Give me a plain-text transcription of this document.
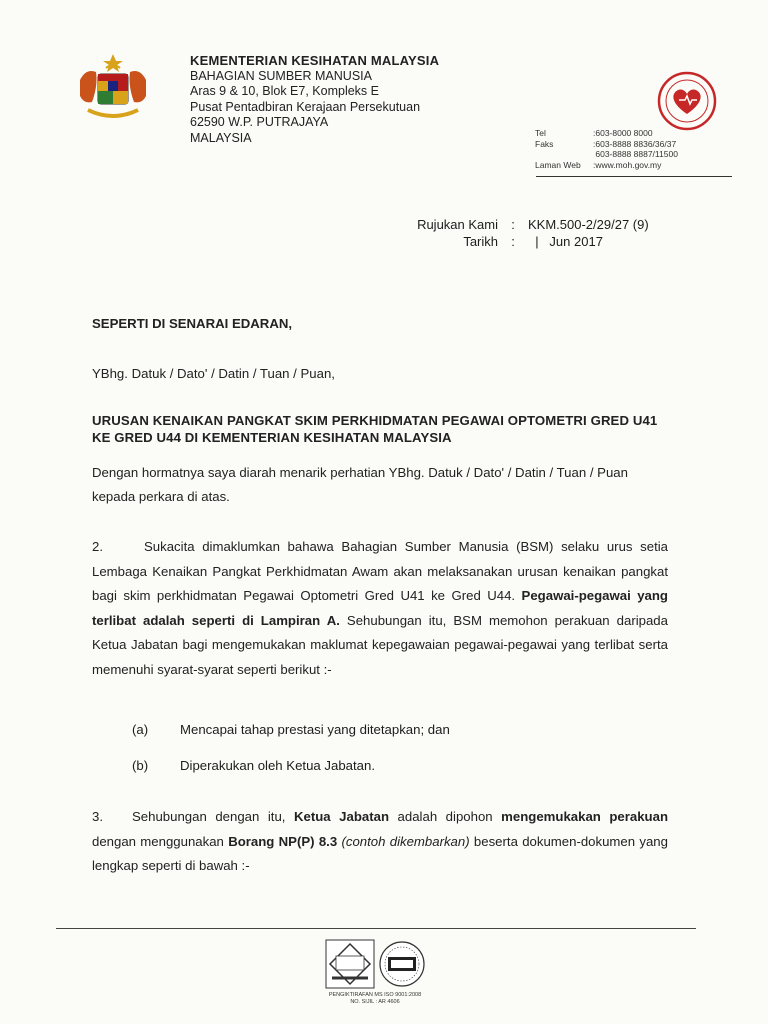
KEMENTERIAN KESIHATAN MALAYSIA
BAHAGIAN SUMBER MANUSIA
Aras 9 & 10, Blok E7, Kompleks E
Pusat Pentadbiran Kerajaan Persekutuan
62590 W.P. PUTRAJAYA
MALAYSIA	Tel	:603-8000 8000
Faks	:603-8888 8836/36/37
603-8888 8887/11500
Laman Web	:www.moh.gov.my
Rujukan Kami	:	KKM.500-2/29/27 (9)
Tarikh	:	|   Jun 2017
SEPERTI DI SENARAI EDARAN,
YBhg. Datuk / Dato' / Datin / Tuan / Puan,
URUSAN KENAIKAN PANGKAT SKIM PERKHIDMATAN PEGAWAI OPTOMETRI GRED U41 KE GRED U44 DI KEMENTERIAN KESIHATAN MALAYSIA
Dengan hormatnya saya diarah menarik perhatian YBhg. Datuk / Dato' / Datin / Tuan / Puan kepada perkara di atas.
2.	Sukacita dimaklumkan bahawa Bahagian Sumber Manusia (BSM) selaku urus setia Lembaga Kenaikan Pangkat Perkhidmatan Awam akan melaksanakan urusan kenaikan pangkat bagi skim perkhidmatan Pegawai Optometri Gred U41 ke Gred U44. Pegawai-pegawai yang terlibat adalah seperti di Lampiran A. Sehubungan itu, BSM memohon perakuan daripada Ketua Jabatan bagi mengemukakan maklumat kepegawaian pegawai-pegawai yang terlibat serta memenuhi syarat-syarat seperti berikut :-
(a)	Mencapai tahap prestasi yang ditetapkan; dan
(b)	Diperakukan oleh Ketua Jabatan.
3. Sehubungan dengan itu, Ketua Jabatan adalah dipohon mengemukakan perakuan dengan menggunakan Borang NP(P) 8.3 (contoh dikembarkan) beserta dokumen-dokumen yang lengkap seperti di bawah :-
PENGIKTIRAFAN MS ISO 9001:2008
NO. SIJIL : AR 4606
